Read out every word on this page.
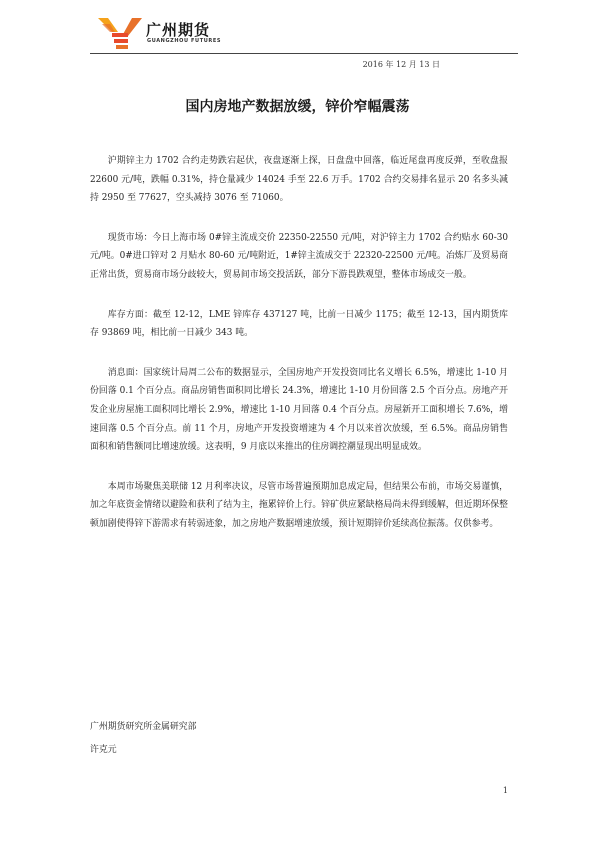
广州期货
GUANGZHOU FUTURES
2016 年 12 月 13 日
国内房地产数据放缓，锌价窄幅震荡

沪期锌主力 1702 合约走势跌宕起伏，夜盘逐渐上探，日盘盘中回落，临近尾盘再度反弹，至收盘报 22600 元/吨，跌幅 0.31%，持仓量减少 14024 手至 22.6 万手。1702 合约交易排名显示 20 名多头减持 2950 至 77627，空头减持 3076 至 71060。

现货市场：今日上海市场 0#锌主流成交价 22350-22550 元/吨，对沪锌主力 1702 合约贴水 60-30 元/吨。0#进口锌对 2 月贴水 80-60 元/吨附近，1#锌主流成交于 22320-22500 元/吨。冶炼厂及贸易商正常出货，贸易商市场分歧较大，贸易间市场交投活跃，部分下游畏跌观望，整体市场成交一般。

库存方面：截至 12-12，LME 锌库存 437127 吨，比前一日减少 1175；截至 12-13，国内期货库存 93869 吨，相比前一日减少 343 吨。

消息面：国家统计局周二公布的数据显示，全国房地产开发投资同比名义增长 6.5%，增速比 1-10 月份回落 0.1 个百分点。商品房销售面积同比增长 24.3%，增速比 1-10 月份回落 2.5 个百分点。房地产开发企业房屋施工面积同比增长 2.9%，增速比 1-10 月回落 0.4 个百分点。房屋新开工面积增长 7.6%，增速回落 0.5 个百分点。前 11 个月，房地产开发投资增速为 4 个月以来首次放缓，至 6.5%。商品房销售面积和销售额同比增速放缓。这表明，9 月底以来推出的住房调控潮显现出明显成效。

本周市场聚焦美联储 12 月利率决议，尽管市场普遍预期加息成定局，但结果公布前，市场交易谨慎，加之年底资金情绪以避险和获利了结为主，拖累锌价上行。锌矿供应紧缺格局尚未得到缓解，但近期环保整顿加剧使得锌下游需求有转弱迹象，加之房地产数据增速放缓，预计短期锌价延续高位振荡。仅供参考。

广州期货研究所金属研究部
许克元
1
